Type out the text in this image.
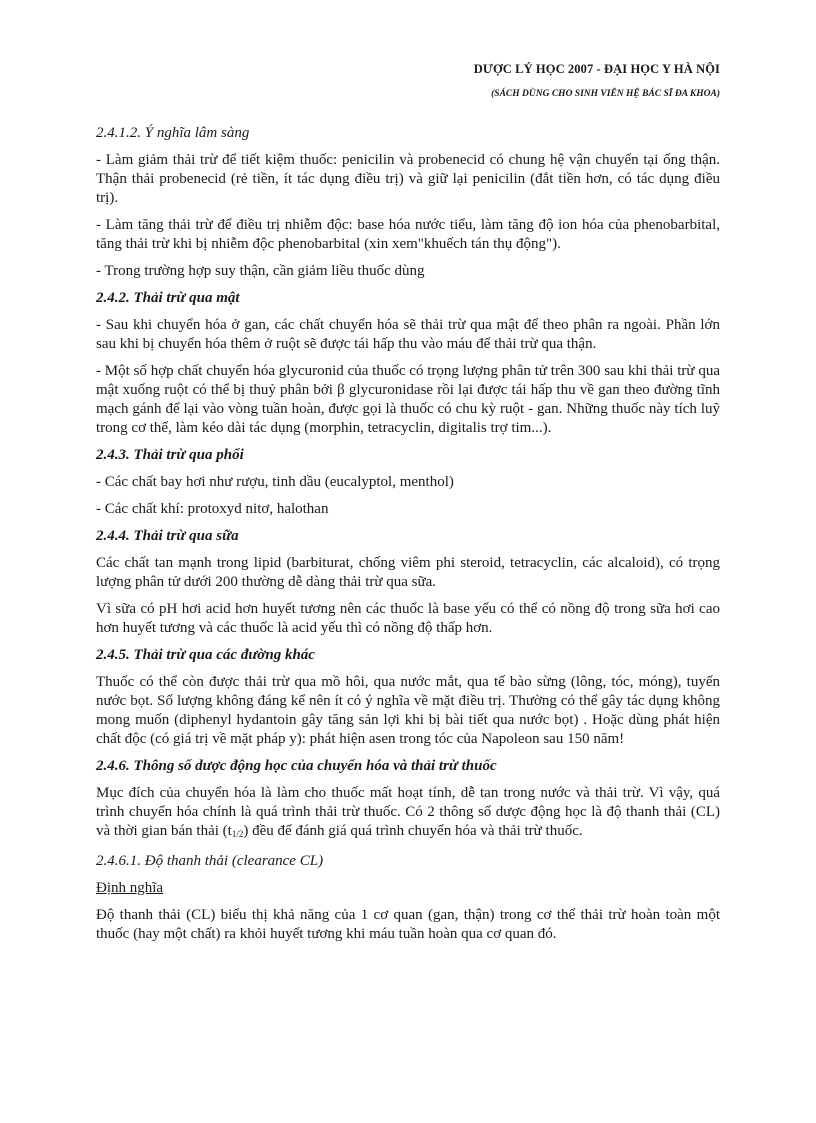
DƯỢC LÝ HỌC 2007 - ĐẠI HỌC Y HÀ NỘI
(SÁCH DÙNG CHO SINH VIÊN HỆ BÁC SĨ ĐA KHOA)
2.4.1.2. Ý nghĩa lâm sàng
- Làm giảm thải trừ để tiết kiệm thuốc: penicilin và probenecid có chung hệ vận chuyển tại ống thận. Thận thải probenecid (rẻ tiền, ít tác dụng điều trị) và giữ lại penicilin (đắt tiền hơn, có tác dụng điều trị).
- Làm tăng thải trừ để điều trị nhiễm độc: base hóa nước tiểu, làm tăng độ ion hóa của phenobarbital, tăng thải trừ khi bị nhiễm độc phenobarbital (xin xem"khuếch tán thụ động").
- Trong trường hợp suy thận, cần giảm liều thuốc dùng
2.4.2. Thải trừ qua mật
- Sau khi chuyển hóa ở gan, các chất chuyển hóa sẽ thải trừ qua mật để theo phân ra ngoài. Phần lớn sau khi bị chuyển hóa thêm ở ruột sẽ được tái hấp thu vào máu để thải trừ qua thận.
- Một số hợp chất chuyển hóa glycuronid của thuốc có trọng lượng phân tử trên 300 sau khi thải trừ qua mật xuống ruột có thể bị thuỷ phân bởi β glycuronidase rồi lại được tái hấp thu về gan theo đường tĩnh mạch gánh để lại vào vòng tuần hoàn, được gọi là thuốc có chu kỳ ruột - gan. Những thuốc này tích luỹ trong cơ thể, làm kéo dài tác dụng (morphin, tetracyclin, digitalis trợ tim...).
2.4.3. Thải trừ qua phổi
- Các chất bay hơi như rượu, tinh dầu (eucalyptol, menthol)
- Các chất khí: protoxyd nitơ, halothan
2.4.4. Thải trừ qua sữa
Các chất tan mạnh trong lipid (barbiturat, chống viêm phi steroid, tetracyclin, các alcaloid), có trọng lượng phân tử dưới 200 thường dễ dàng thải trừ qua sữa.
Vì sữa có pH hơi acid hơn huyết tương nên các thuốc là base yếu có thể có nồng độ trong sữa hơi cao hơn huyết tương và các thuốc là acid yếu thì có nồng độ thấp hơn.
2.4.5. Thải trừ qua các đường khác
Thuốc có thể còn được thải trừ qua mồ hôi, qua nước mắt, qua tế bào sừng (lông, tóc, móng), tuyến nước bọt. Số lượng không đáng kể nên ít có ý nghĩa về mặt điều trị. Thường có thể gây tác dụng không mong muốn (diphenyl hydantoin gây tăng sản lợi khi bị bài tiết qua nước bọt) . Hoặc dùng phát hiện chất độc (có giá trị về mặt pháp y): phát hiện asen trong tóc của Napoleon sau 150 năm!
2.4.6. Thông số dược động học của chuyển hóa và thải trừ thuốc
Mục đích của chuyển hóa là làm cho thuốc mất hoạt tính, dễ tan trong nước và thải trừ. Vì vậy, quá trình chuyển hóa chính là quá trình thải trừ thuốc. Có 2 thông số dược động học là độ thanh thải (CL) và thời gian bán thải $(t_{1/2})$ đều để đánh giá quá trình chuyển hóa và thải trừ thuốc.
2.4.6.1. Độ thanh thải (clearance CL)
Định nghĩa
Độ thanh thải (CL) biểu thị khả năng của 1 cơ quan (gan, thận) trong cơ thể thải trừ hoàn toàn một thuốc (hay một chất) ra khỏi huyết tương khi máu tuần hoàn qua cơ quan đó.
